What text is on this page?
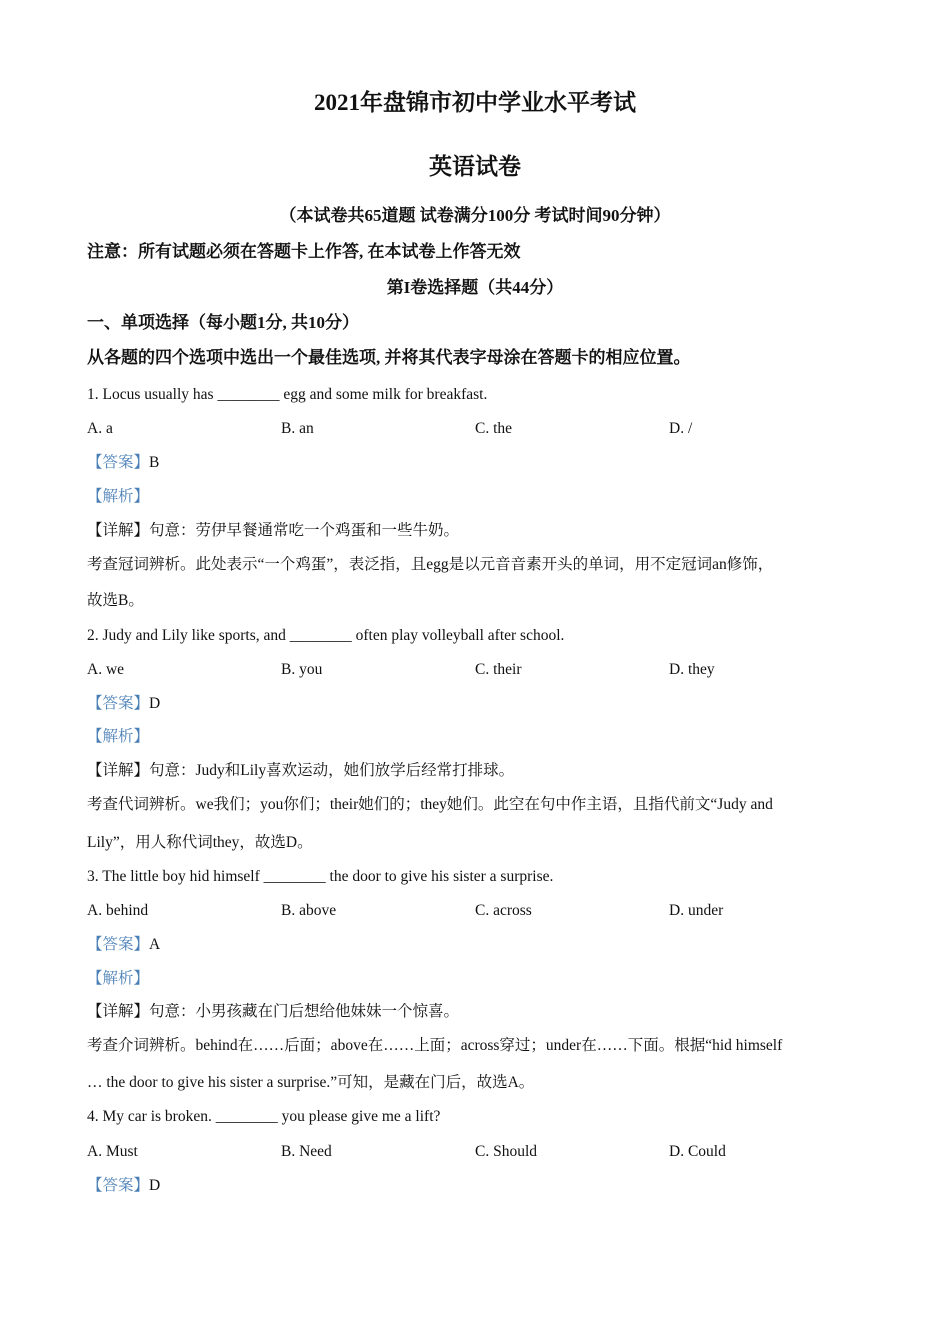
2021年盘锦市初中学业水平考试
英语试卷
（本试卷共65道题 试卷满分100分 考试时间90分钟）
注意：所有试题必须在答题卡上作答, 在本试卷上作答无效
第I卷选择题（共44分）
一、单项选择（每小题1分, 共10分）
从各题的四个选项中选出一个最佳选项, 并将其代表字母涂在答题卡的相应位置。
1. Locus usually has ________ egg and some milk for breakfast.
A. a	B. an	C. the	D. /
【答案】B
【解析】
【详解】句意：劳伊早餐通常吃一个鸡蛋和一些牛奶。
考查冠词辨析。此处表示“一个鸡蛋”，表泛指，且egg是以元音音素开头的单词，用不定冠词an修饰，
故选B。
2. Judy and Lily like sports, and ________ often play volleyball after school.
A. we	B. you	C. their	D. they
【答案】D
【解析】
【详解】句意：Judy和Lily喜欢运动，她们放学后经常打排球。
考查代词辨析。we我们；you你们；their她们的；they她们。此空在句中作主语，且指代前文“Judy and
Lily”，用人称代词they，故选D。
3. The little boy hid himself ________ the door to give his sister a surprise.
A. behind	B. above	C. across	D. under
【答案】A
【解析】
【详解】句意：小男孩藏在门后想给他妹妹一个惊喜。
考查介词辨析。behind在……后面；above在……上面；across穿过；under在……下面。根据“hid himself
… the door to give his sister a surprise.”可知，是藏在门后，故选A。
4. My car is broken. ________ you please give me a lift?
A. Must	B. Need	C. Should	D. Could
【答案】D
